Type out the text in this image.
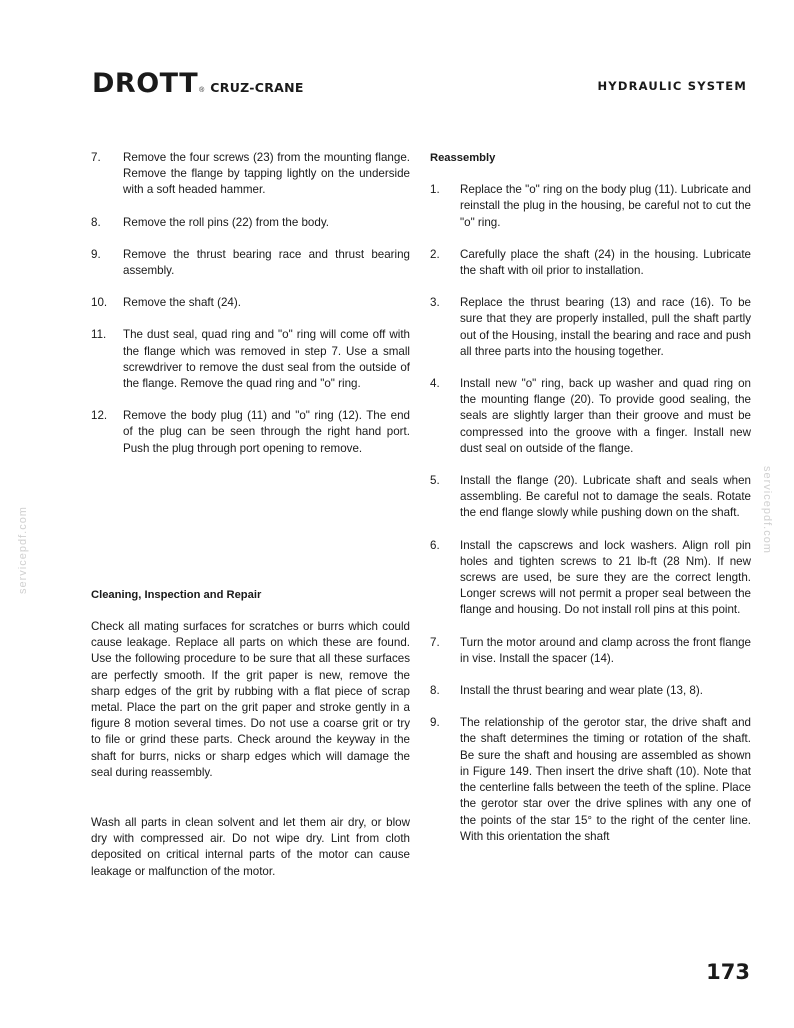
DROTT ® CRUZ-CRANE	HYDRAULIC SYSTEM
7.	Remove the four screws (23) from the mounting flange. Remove the flange by tapping lightly on the underside with a soft headed hammer.
8.	Remove the roll pins (22) from the body.
9.	Remove the thrust bearing race and thrust bearing assembly.
10.	Remove the shaft (24).
11.	The dust seal, quad ring and "o" ring will come off with the flange which was removed in step 7. Use a small screwdriver to remove the dust seal from the outside of the flange. Remove the quad ring and "o" ring.
12.	Remove the body plug (11) and "o" ring (12). The end of the plug can be seen through the right hand port. Push the plug through port opening to remove.
Cleaning, Inspection and Repair
Check all mating surfaces for scratches or burrs which could cause leakage. Replace all parts on which these are found. Use the following procedure to be sure that all these surfaces are perfectly smooth. If the grit paper is new, remove the sharp edges of the grit by rubbing with a flat piece of scrap metal. Place the part on the grit paper and stroke gently in a figure 8 motion several times. Do not use a coarse grit or try to file or grind these parts. Check around the keyway in the shaft for burrs, nicks or sharp edges which will damage the seal during reassembly.
Wash all parts in clean solvent and let them air dry, or blow dry with compressed air. Do not wipe dry. Lint from cloth deposited on critical internal parts of the motor can cause leakage or malfunction of the motor.
Reassembly
1.	Replace the "o" ring on the body plug (11). Lubricate and reinstall the plug in the housing, be careful not to cut the "o" ring.
2.	Carefully place the shaft (24) in the housing. Lubricate the shaft with oil prior to installation.
3.	Replace the thrust bearing (13) and race (16). To be sure that they are properly installed, pull the shaft partly out of the Housing, install the bearing and race and push all three parts into the housing together.
4.	Install new "o" ring, back up washer and quad ring on the mounting flange (20). To provide good sealing, the seals are slightly larger than their groove and must be compressed into the groove with a finger. Install new dust seal on outside of the flange.
5.	Install the flange (20). Lubricate shaft and seals when assembling. Be careful not to damage the seals. Rotate the end flange slowly while pushing down on the shaft.
6.	Install the capscrews and lock washers. Align roll pin holes and tighten screws to 21 lb-ft (28 Nm). If new screws are used, be sure they are the correct length. Longer screws will not permit a proper seal between the flange and housing. Do not install roll pins at this point.
7.	Turn the motor around and clamp across the front flange in vise. Install the spacer (14).
8.	Install the thrust bearing and wear plate (13, 8).
9.	The relationship of the gerotor star, the drive shaft and the shaft determines the timing or rotation of the shaft. Be sure the shaft and housing are assembled as shown in Figure 149. Then insert the drive shaft (10). Note that the centerline falls between the teeth of the spline. Place the gerotor star over the drive splines with any one of the points of the star 15° to the right of the center line. With this orientation the shaft
servicepdf.com	servicepdf.com
173
